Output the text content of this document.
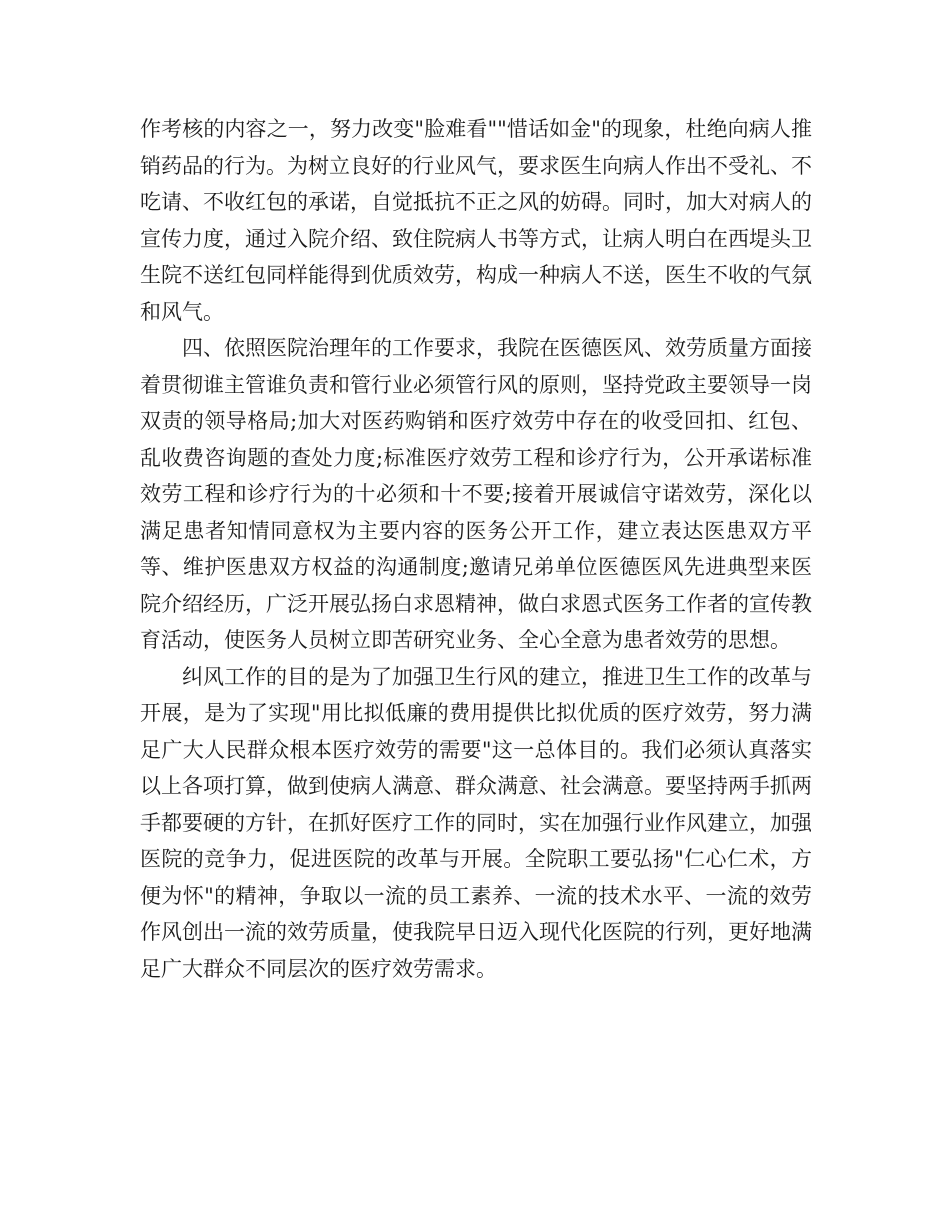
作考核的内容之一，努力改变"脸难看""惜话如金"的现象，杜绝向病人推销药品的行为。为树立良好的行业风气，要求医生向病人作出不受礼、不吃请、不收红包的承诺，自觉抵抗不正之风的妨碍。同时，加大对病人的宣传力度，通过入院介绍、致住院病人书等方式，让病人明白在西堤头卫生院不送红包同样能得到优质效劳，构成一种病人不送，医生不收的气氛和风气。

四、依照医院治理年的工作要求，我院在医德医风、效劳质量方面接着贯彻谁主管谁负责和管行业必须管行风的原则，坚持党政主要领导一岗双责的领导格局;加大对医药购销和医疗效劳中存在的收受回扣、红包、乱收费咨询题的查处力度;标准医疗效劳工程和诊疗行为，公开承诺标准效劳工程和诊疗行为的十必须和十不要;接着开展诚信守诺效劳，深化以满足患者知情同意权为主要内容的医务公开工作，建立表达医患双方平等、维护医患双方权益的沟通制度;邀请兄弟单位医德医风先进典型来医院介绍经历，广泛开展弘扬白求恩精神，做白求恩式医务工作者的宣传教育活动，使医务人员树立即苦研究业务、全心全意为患者效劳的思想。

纠风工作的目的是为了加强卫生行风的建立，推进卫生工作的改革与开展，是为了实现"用比拟低廉的费用提供比拟优质的医疗效劳，努力满足广大人民群众根本医疗效劳的需要"这一总体目的。我们必须认真落实以上各项打算，做到使病人满意、群众满意、社会满意。要坚持两手抓两手都要硬的方针，在抓好医疗工作的同时，实在加强行业作风建立，加强医院的竞争力，促进医院的改革与开展。全院职工要弘扬"仁心仁术，方便为怀"的精神，争取以一流的员工素养、一流的技术水平、一流的效劳作风创出一流的效劳质量，使我院早日迈入现代化医院的行列，更好地满足广大群众不同层次的医疗效劳需求。
